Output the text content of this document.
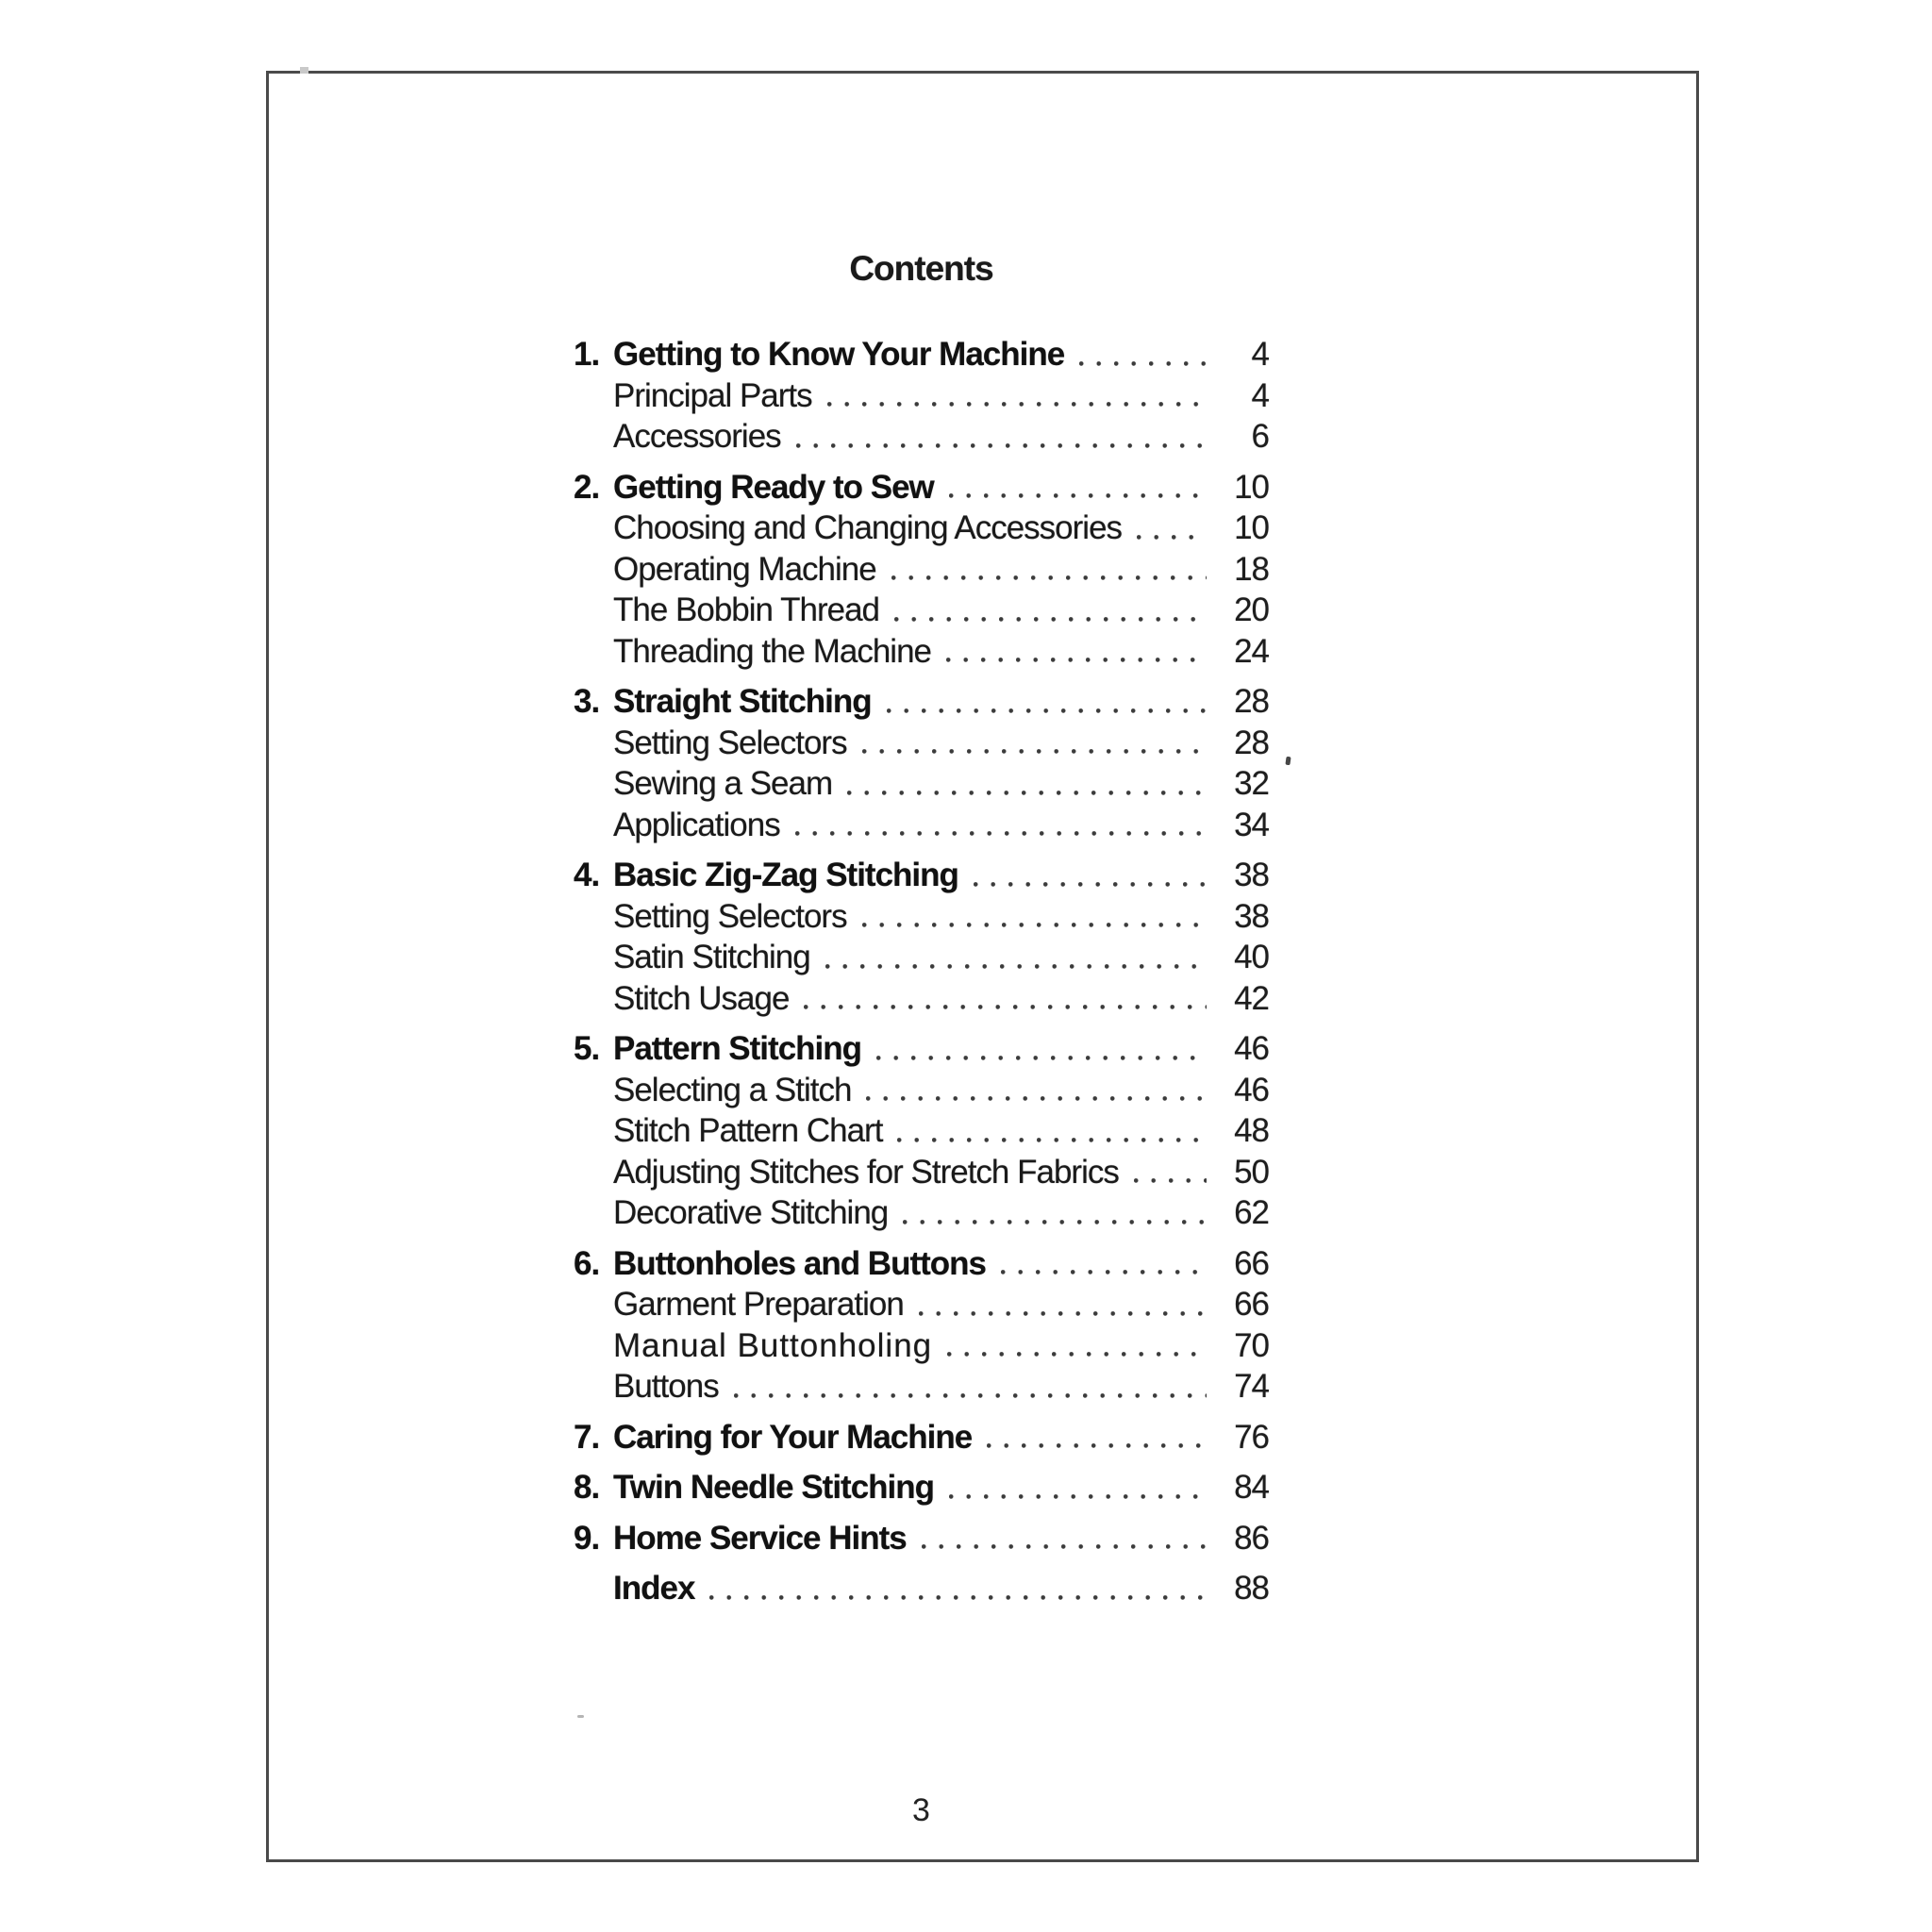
Contents
1. Getting to Know Your Machine	4
Principal Parts	4
Accessories	6
2. Getting Ready to Sew	10
Choosing and Changing Accessories	10
Operating Machine	18
The Bobbin Thread	20
Threading the Machine	24
3. Straight Stitching	28
Setting Selectors	28
Sewing a Seam	32
Applications	34
4. Basic Zig-Zag Stitching	38
Setting Selectors	38
Satin Stitching	40
Stitch Usage	42
5. Pattern Stitching	46
Selecting a Stitch	46
Stitch Pattern Chart	48
Adjusting Stitches for Stretch Fabrics	50
Decorative Stitching	62
6. Buttonholes and Buttons	66
Garment Preparation	66
Manual Buttonholing	70
Buttons	74
7. Caring for Your Machine	76
8. Twin Needle Stitching	84
9. Home Service Hints	86
Index	88
3
